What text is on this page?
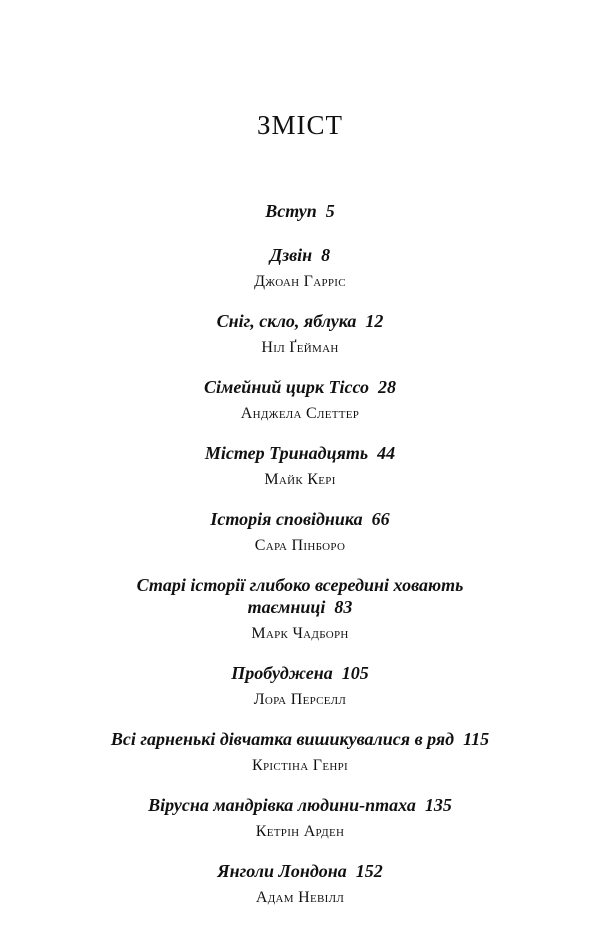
ЗМІСТ
Вступ 5
Дзвін 8
Джоан Гарріс
Сніг, скло, яблука 12
Ніл Ґейман
Сімейний цирк Тіссо 28
Анджела Слеттер
Містер Тринадцять 44
Майк Кері
Історія сповідника 66
Сара Пінборо
Старі історії глибоко всередині ховають
таємниці 83
Марк Чадборн
Пробуджена 105
Лора Перселл
Всі гарненькі дівчатка вишикувалися в ряд 115
Крістіна Генрі
Вірусна мандрівка людини-птаха 135
Кетрін Арден
Янголи Лондона 152
Адам Невілл
